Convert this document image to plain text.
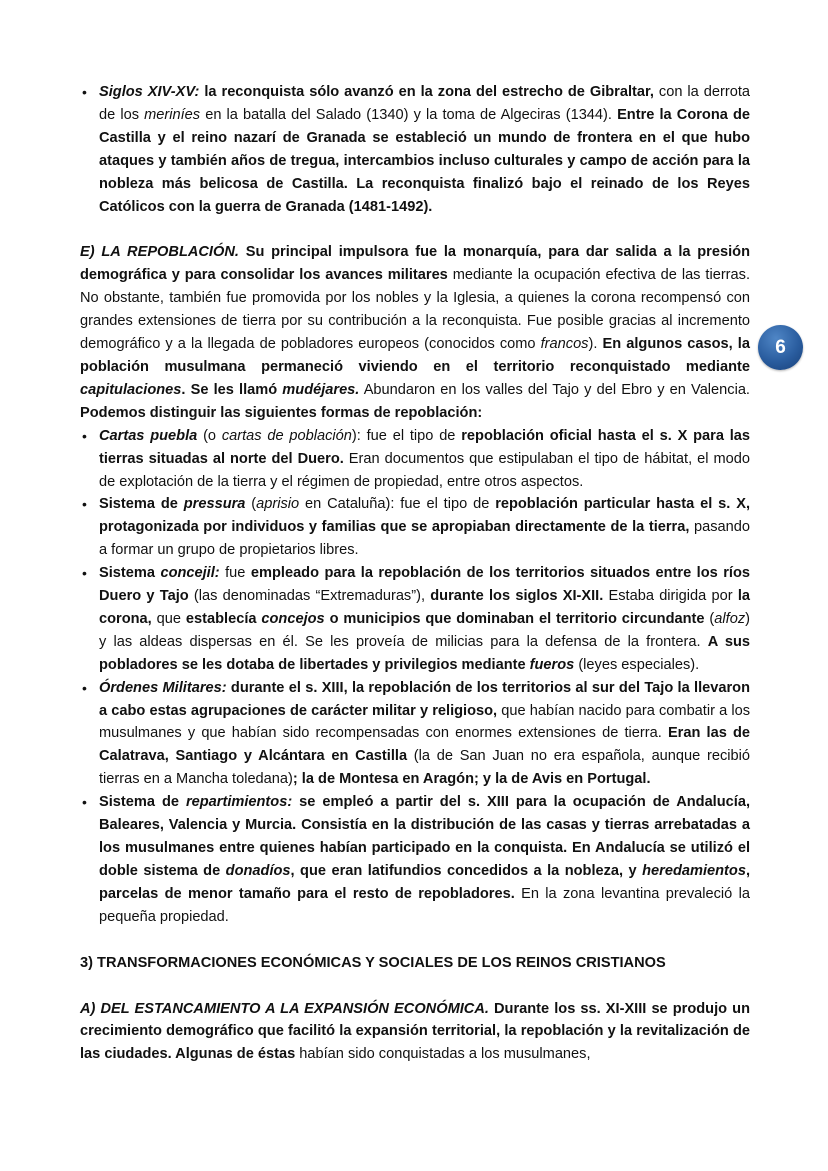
• Siglos XIV-XV: la reconquista sólo avanzó en la zona del estrecho de Gibraltar, con la derrota de los meriníes en la batalla del Salado (1340) y la toma de Algeciras (1344). Entre la Corona de Castilla y el reino nazarí de Granada se estableció un mundo de frontera en el que hubo ataques y también años de tregua, intercambios incluso culturales y campo de acción para la nobleza más belicosa de Castilla. La reconquista finalizó bajo el reinado de los Reyes Católicos con la guerra de Granada (1481-1492).
E) LA REPOBLACIÓN. Su principal impulsora fue la monarquía, para dar salida a la presión demográfica y para consolidar los avances militares mediante la ocupación efectiva de las tierras. No obstante, también fue promovida por los nobles y la Iglesia, a quienes la corona recompensó con grandes extensiones de tierra por su contribución a la reconquista. Fue posible gracias al incremento demográfico y a la llegada de pobladores europeos (conocidos como francos). En algunos casos, la población musulmana permaneció viviendo en el territorio reconquistado mediante capitulaciones. Se les llamó mudéjares. Abundaron en los valles del Tajo y del Ebro y en Valencia. Podemos distinguir las siguientes formas de repoblación:
• Cartas puebla (o cartas de población): fue el tipo de repoblación oficial hasta el s. X para las tierras situadas al norte del Duero. Eran documentos que estipulaban el tipo de hábitat, el modo de explotación de la tierra y el régimen de propiedad, entre otros aspectos.
• Sistema de pressura (aprisio en Cataluña): fue el tipo de repoblación particular hasta el s. X, protagonizada por individuos y familias que se apropiaban directamente de la tierra, pasando a formar un grupo de propietarios libres.
• Sistema concejil: fue empleado para la repoblación de los territorios situados entre los ríos Duero y Tajo (las denominadas “Extremaduras”), durante los siglos XI-XII. Estaba dirigida por la corona, que establecía concejos o municipios que dominaban el territorio circundante (alfoz) y las aldeas dispersas en él. Se les proveía de milicias para la defensa de la frontera. A sus pobladores se les dotaba de libertades y privilegios mediante fueros (leyes especiales).
• Órdenes Militares: durante el s. XIII, la repoblación de los territorios al sur del Tajo la llevaron a cabo estas agrupaciones de carácter militar y religioso, que habían nacido para combatir a los musulmanes y que habían sido recompensadas con enormes extensiones de tierra. Eran las de Calatrava, Santiago y Alcántara en Castilla (la de San Juan no era española, aunque recibió tierras en a Mancha toledana); la de Montesa en Aragón; y la de Avis en Portugal.
• Sistema de repartimientos: se empleó a partir del s. XIII para la ocupación de Andalucía, Baleares, Valencia y Murcia. Consistía en la distribución de las casas y tierras arrebatadas a los musulmanes entre quienes habían participado en la conquista. En Andalucía se utilizó el doble sistema de donadíos, que eran latifundios concedidos a la nobleza, y heredamientos, parcelas de menor tamaño para el resto de repobladores. En la zona levantina prevaleció la pequeña propiedad.
3) TRANSFORMACIONES ECONÓMICAS Y SOCIALES DE LOS REINOS CRISTIANOS
A) DEL ESTANCAMIENTO A LA EXPANSIÓN ECONÓMICA. Durante los ss. XI-XIII se produjo un crecimiento demográfico que facilitó la expansión territorial, la repoblación y la revitalización de las ciudades. Algunas de éstas habían sido conquistadas a los musulmanes,
6
